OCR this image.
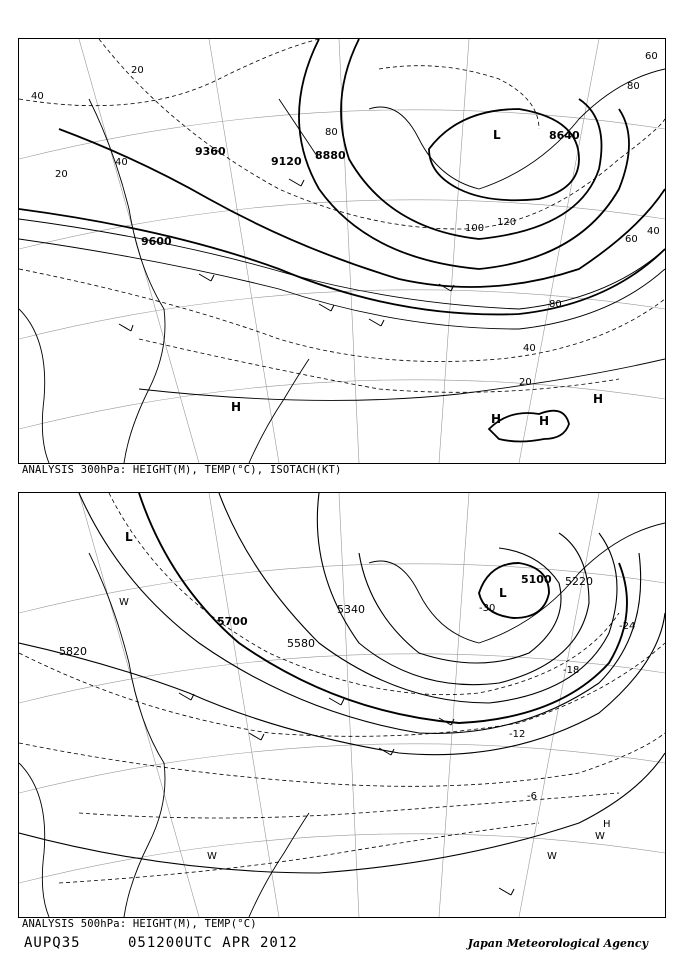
9360
9120 8880
8640
9600
20
40
80
120
100
60
40
20
80
40
20
40
60
80
L
H
H	H
H
ANALYSIS 300hPa: HEIGHT(M), TEMP(°C), ISOTACH(KT)
5700
5820
5580
5340
5100 5220
-30
-24
-18
-12
-6
L
L
W
W	W
W
H
ANALYSIS 500hPa: HEIGHT(M), TEMP(°C)
AUPQ35	051200UTC APR 2012	Japan Meteorological Agency
